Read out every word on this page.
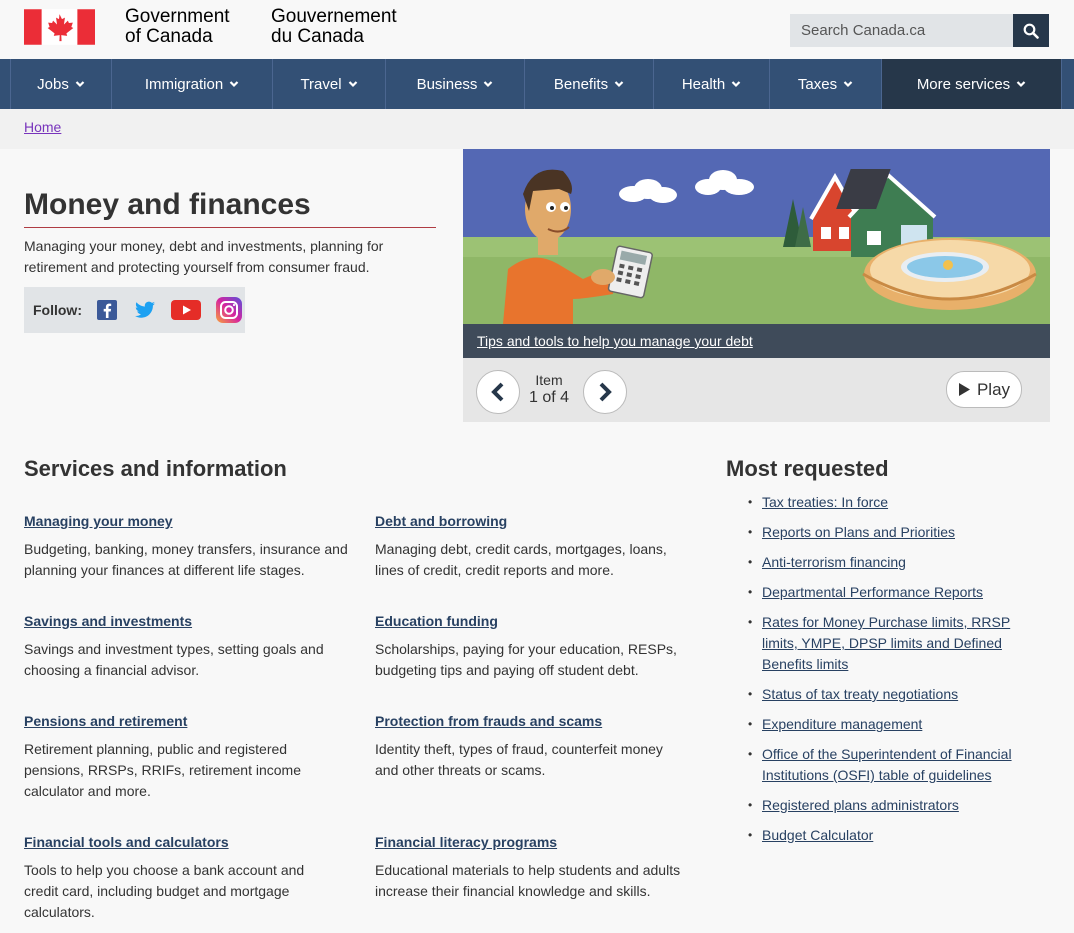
Government
of Canada
Gouvernement
du Canada
Search Canada.ca
Jobs	Immigration	Travel	Business	Benefits	Health	Taxes	More services
Home
Money and finances

Managing your money, debt and investments, planning for retirement and protecting yourself from consumer fraud.

Follow:
Tips and tools to help you manage your debt
Item
1 of 4	Play
Services and information
Managing your money

Budgeting, banking, money transfers, insurance and planning your finances at different life stages.

Debt and borrowing

Managing debt, credit cards, mortgages, loans, lines of credit, credit reports and more.

Savings and investments

Savings and investment types, setting goals and choosing a financial advisor.

Education funding

Scholarships, paying for your education, RESPs, budgeting tips and paying off student debt.

Pensions and retirement

Retirement planning, public and registered pensions, RRSPs, RRIFs, retirement income calculator and more.

Protection from frauds and scams

Identity theft, types of fraud, counterfeit money and other threats or scams.

Financial tools and calculators

Tools to help you choose a bank account and credit card, including budget and mortgage calculators.

Financial literacy programs

Educational materials to help students and adults increase their financial knowledge and skills.

Most requested
• Tax treaties: In force
• Reports on Plans and Priorities
• Anti-terrorism financing
• Departmental Performance Reports
• Rates for Money Purchase limits, RRSP limits, YMPE, DPSP limits and Defined Benefits limits
• Status of tax treaty negotiations
• Expenditure management
• Office of the Superintendent of Financial Institutions (OSFI) table of guidelines
• Registered plans administrators
• Budget Calculator
